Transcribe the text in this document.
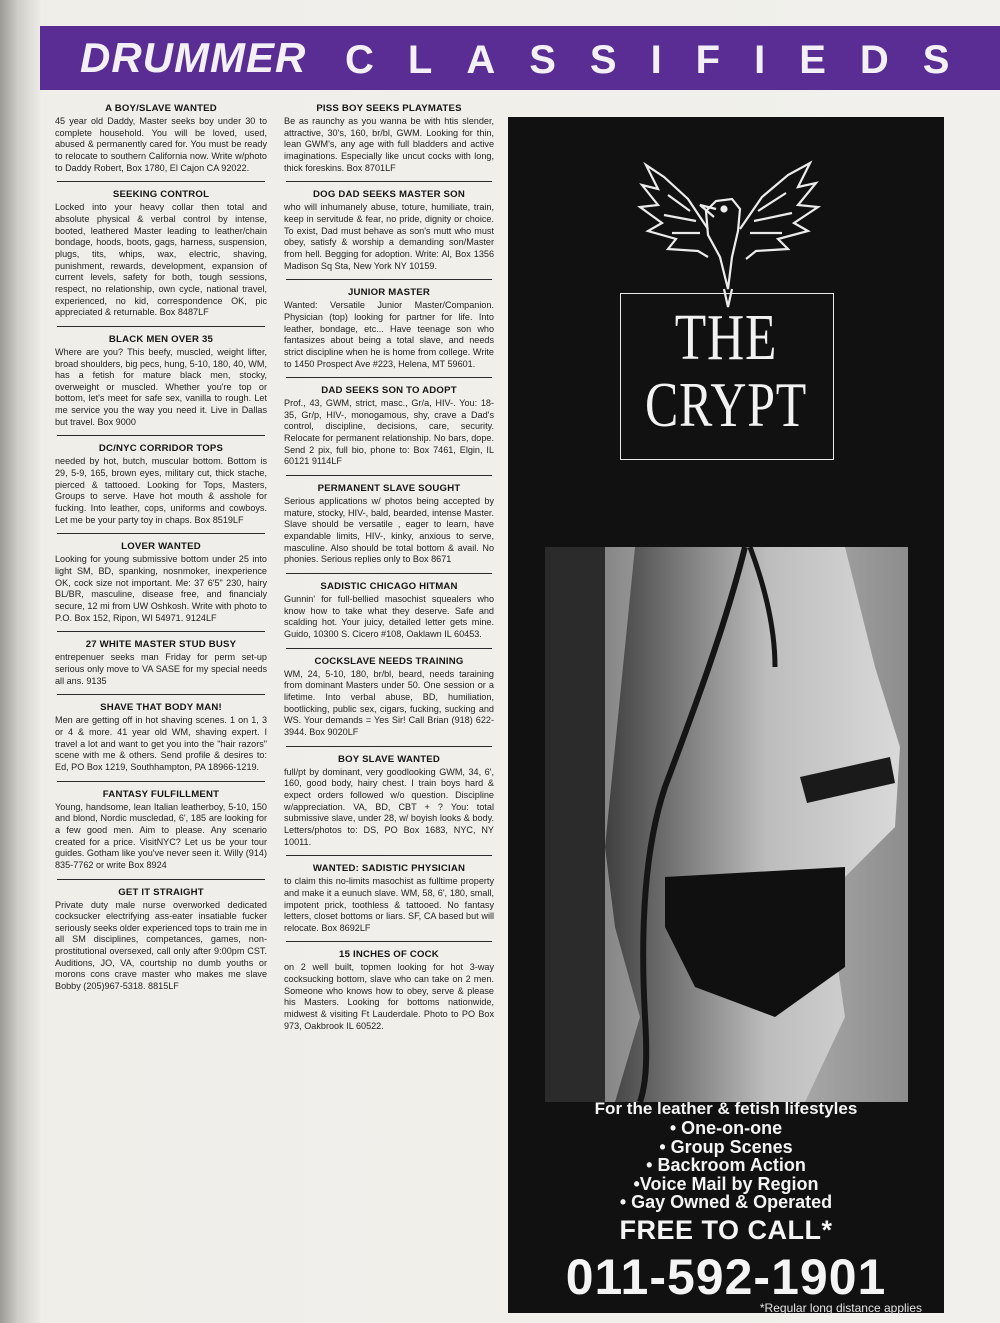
DRUMMER CLASSIFIEDS
A BOY/SLAVE WANTED

45 year old Daddy, Master seeks boy under 30 to complete household. You will be loved, used, abused & permanently cared for. You must be ready to relocate to southern California now. Write w/photo to Daddy Robert, Box 1780, El Cajon CA 92022.

SEEKING CONTROL

Locked into your heavy collar then total and absolute physical & verbal control by intense, booted, leathered Master leading to leather/chain bondage, hoods, boots, gags, harness, suspension, plugs, tits, whips, wax, electric, shaving, punishment, rewards, development, expansion of current levels, safety for both, tough sessions, respect, no relationship, own cycle, national travel, experienced, no kid, correspondence OK, pic appreciated & returnable. Box 8487LF

BLACK MEN OVER 35

Where are you? This beefy, muscled, weight lifter, broad shoulders, big pecs, hung, 5-10, 180, 40, WM, has a fetish for mature black men, stocky, overweight or muscled. Whether you're top or bottom, let's meet for safe sex, vanilla to rough. Let me service you the way you need it. Live in Dallas but travel. Box 9000

DC/NYC CORRIDOR TOPS

needed by hot, butch, muscular bottom. Bottom is 29, 5-9, 165, brown eyes, military cut, thick stache, pierced & tattooed. Looking for Tops, Masters, Groups to serve. Have hot mouth & asshole for fucking. Into leather, cops, uniforms and cowboys. Let me be your party toy in chaps. Box 8519LF

LOVER WANTED

Looking for young submissive bottom under 25 into light SM, BD, spanking, nosnmoker, inexperience OK, cock size not important. Me: 37 6'5" 230, hairy BL/BR, masculine, disease free, and financialy secure, 12 mi from UW Oshkosh. Write with photo to P.O. Box 152, Ripon, WI 54971. 9124LF

27 WHITE MASTER STUD BUSY

entrepenuer seeks man Friday for perm set-up serious only move to VA SASE for my special needs all ans. 9135

SHAVE THAT BODY MAN!

Men are getting off in hot shaving scenes. 1 on 1, 3 or 4 & more. 41 year old WM, shaving expert. I travel a lot and want to get you into the "hair razors" scene with me & others. Send profile & desires to: Ed, PO Box 1219, Southhampton, PA 18966-1219.

FANTASY FULFILLMENT

Young, handsome, lean Italian leatherboy, 5-10, 150 and blond, Nordic muscledad, 6', 185 are looking for a few good men. Aim to please. Any scenario created for a price. VisitNYC? Let us be your tour guides. Gotham like you've never seen it. Willy (914) 835-7762 or write Box 8924

GET IT STRAIGHT

Private duty male nurse overworked dedicated cocksucker electrifying ass-eater insatiable fucker seriously seeks older experienced tops to train me in all SM disciplines, competances, games, non-prostitutional oversexed, call only after 9:00pm CST. Auditions, JO, VA, courtship no dumb youths or morons cons crave master who makes me slave Bobby (205)967-5318. 8815LF

PISS BOY SEEKS PLAYMATES

Be as raunchy as you wanna be with htis slender, attractive, 30's, 160, br/bl, GWM. Looking for thin, lean GWM's, any age with full bladders and active imaginations. Especially like uncut cocks with long, thick foreskins. Box 8701LF

DOG DAD SEEKS MASTER SON

who will inhumanely abuse, toture, humiliate, train, keep in servitude & fear, no pride, dignity or choice. To exist, Dad must behave as son's mutt who must obey, satisfy & worship a demanding son/Master from hell. Begging for adoption. Write: Al, Box 1356 Madison Sq Sta, New York NY 10159.

JUNIOR MASTER

Wanted: Versatile Junior Master/Companion. Physician (top) looking for partner for life. Into leather, bondage, etc... Have teenage son who fantasizes about being a total slave, and needs strict discipline when he is home from college. Write to 1450 Prospect Ave #223, Helena, MT 59601.

DAD SEEKS SON TO ADOPT

Prof., 43, GWM, strict, masc., Gr/a, HIV-. You: 18-35, Gr/p, HIV-, monogamous, shy, crave a Dad's control, discipline, decisions, care, security. Relocate for permanent relationship. No bars, dope. Send 2 pix, full bio, phone to: Box 7461, Elgin, IL 60121 9114LF

PERMANENT SLAVE SOUGHT

Serious applications w/ photos being accepted by mature, stocky, HIV-, bald, bearded, intense Master. Slave should be versatile , eager to learn, have expandable limits, HIV-, kinky, anxious to serve, masculine. Also should be total bottom & avail. No phonies. Serious replies only to Box 8671

SADISTIC CHICAGO HITMAN

Gunnin' for full-bellied masochist squealers who know how to take what they deserve. Safe and scalding hot. Your juicy, detailed letter gets mine. Guido, 10300 S. Cicero #108, Oaklawn IL 60453.

COCKSLAVE NEEDS TRAINING

WM, 24, 5-10, 180, br/bl, beard, needs taraining from dominant Masters under 50. One session or a lifetime. Into verbal abuse, BD, humiliation, bootlicking, public sex, cigars, fucking, sucking and WS. Your demands = Yes Sir! Call Brian (918) 622-3944. Box 9020LF

BOY SLAVE WANTED

full/pt by dominant, very goodlooking GWM, 34, 6', 160, good body, hairy chest. I train boys hard & expect orders followed w/o question. Discipline w/appreciation. VA, BD, CBT + ? You: total submissive slave, under 28, w/ boyish looks & body. Letters/photos to: DS, PO Box 1683, NYC, NY 10011.

WANTED: SADISTIC PHYSICIAN

to claim this no-limits masochist as fulltime property and make it a eunuch slave. WM, 58, 6', 180, small, impotent prick, toothless & tattooed. No fantasy letters, closet bottoms or liars. SF, CA based but will relocate. Box 8692LF

15 INCHES OF COCK

on 2 well built, topmen looking for hot 3-way cocksucking bottom, slave who can take on 2 men. Someone who knows how to obey, serve & please his Masters. Looking for bottoms nationwide, midwest & visiting Ft Lauderdale. Photo to PO Box 973, Oakbrook IL 60522.

THE
CRYPT
For the leather & fetish lifestyles
• One-on-one
• Group Scenes
• Backroom Action
•Voice Mail by Region
• Gay Owned & Operated
FREE TO CALL*
011-592-1901
*Regular long distance applies
